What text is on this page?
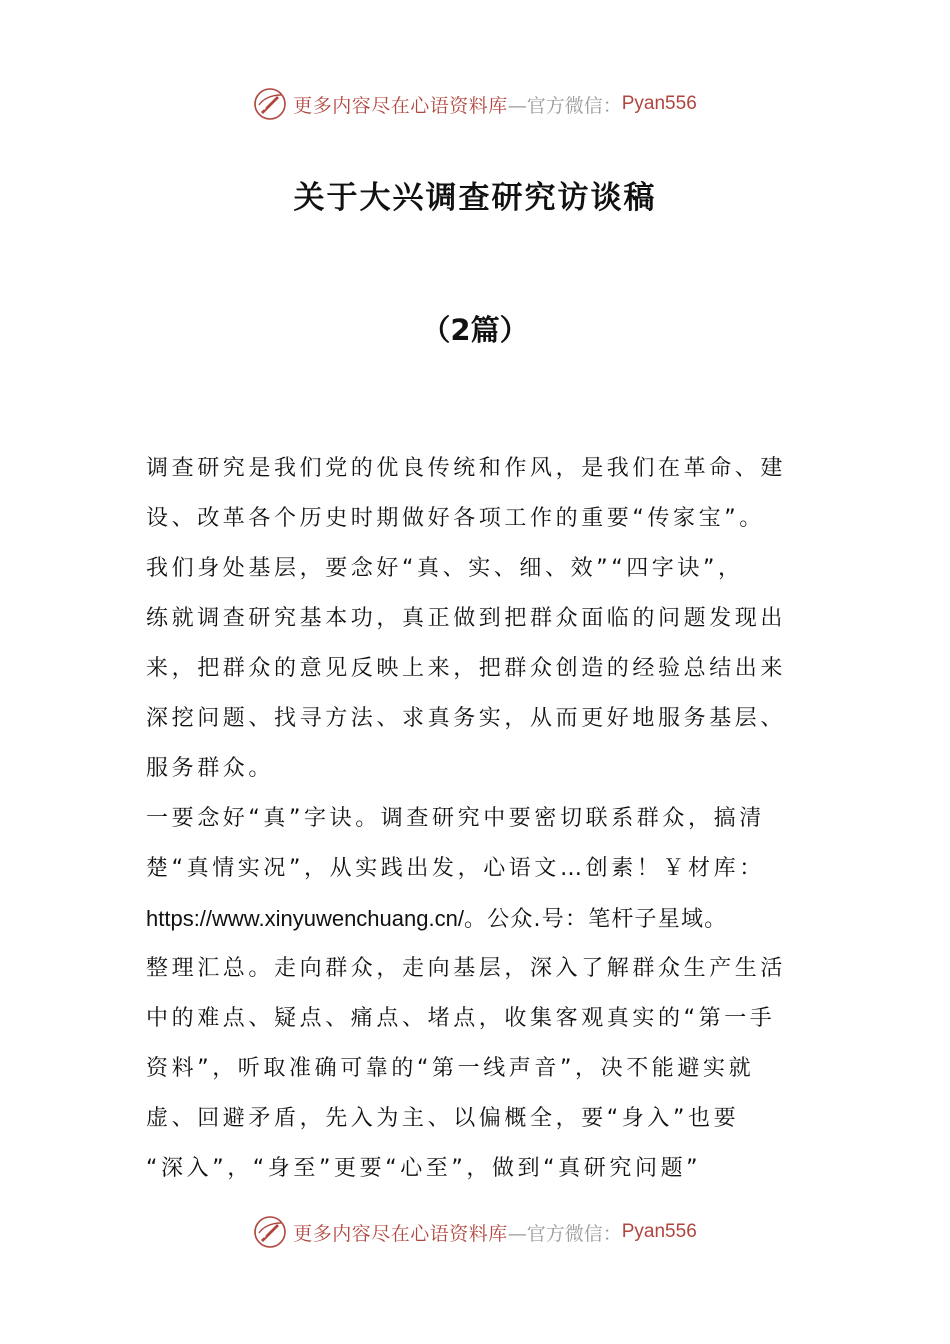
更多内容尽在心语资料库 —官方微信： Pyan556
关于大兴调查研究访谈稿
（2篇）
调查研究是我们党的优良传统和作风，是我们在革命、建
设、改革各个历史时期做好各项工作的重要“传家宝”。
我们身处基层，要念好“真、实、细、效”“四字诀”，
练就调查研究基本功，真正做到把群众面临的问题发现出
来，把群众的意见反映上来，把群众创造的经验总结出来
深挖问题、找寻方法、求真务实，从而更好地服务基层、
服务群众。
一要念好“真”字诀。调查研究中要密切联系群众，搞清
楚“真情实况”，从实践出发，心语文…创素！￥材库：
https://www.xinyuwenchuang.cn/。公众.号：笔杆子星域。
整理汇总。走向群众，走向基层，深入了解群众生产生活
中的难点、疑点、痛点、堵点，收集客观真实的“第一手
资料”，听取准确可靠的“第一线声音”，决不能避实就
虚、回避矛盾，先入为主、以偏概全，要“身入”也要
“深入”，“身至”更要“心至”，做到“真研究问题”
更多内容尽在心语资料库 —官方微信： Pyan556
